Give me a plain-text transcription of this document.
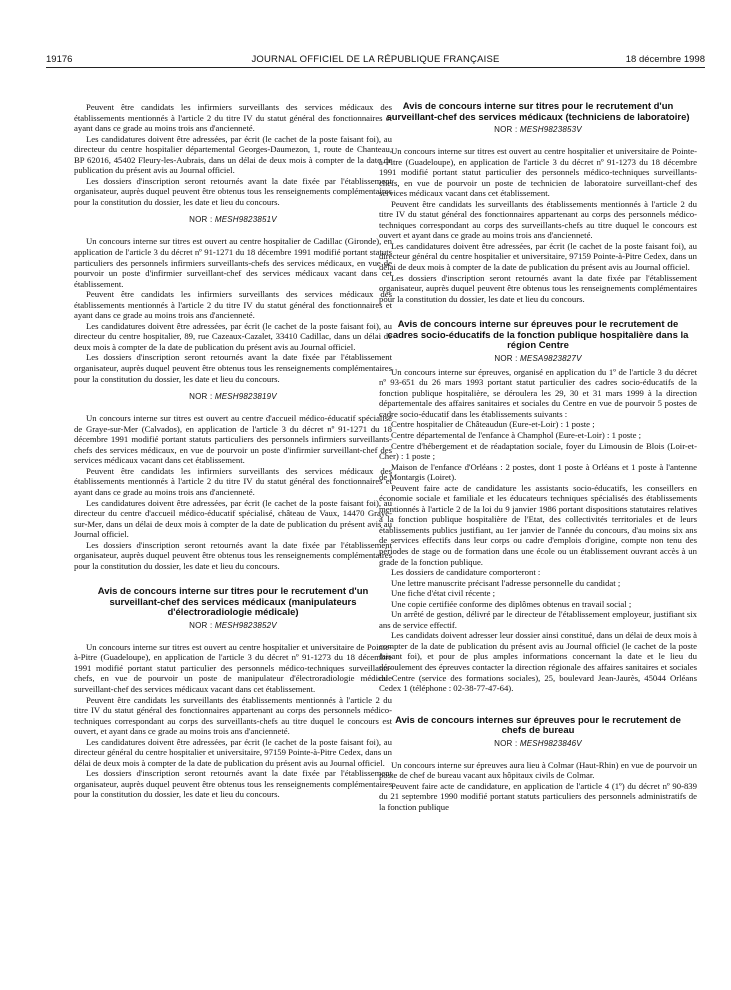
19176	JOURNAL OFFICIEL DE LA RÉPUBLIQUE FRANÇAISE	18 décembre 1998

Peuvent être candidats les infirmiers surveillants des services médicaux des établissements mentionnés à l'article 2 du titre IV du statut général des fonctionnaires et ayant dans ce grade au moins trois ans d'ancienneté.

Les candidatures doivent être adressées, par écrit (le cachet de la poste faisant foi), au directeur du centre hospitalier départemental Georges-Daumezon, 1, route de Chanteau, BP 62016, 45402 Fleury-les-Aubrais, dans un délai de deux mois à compter de la date de publication du présent avis au Journal officiel.

Les dossiers d'inscription seront retournés avant la date fixée par l'établissement organisateur, auprès duquel peuvent être obtenus tous les renseignements complémentaires pour la constitution du dossier, les date et lieu du concours.

NOR : MESH9823851V

Un concours interne sur titres est ouvert au centre hospitalier de Cadillac (Gironde), en application de l'article 3 du décret nº 91-1271 du 18 décembre 1991 modifié portant statuts particuliers des personnels infirmiers surveillants-chefs des services médicaux, en vue de pourvoir un poste d'infirmier surveillant-chef des services médicaux vacant dans cet établissement.

Peuvent être candidats les infirmiers surveillants des services médicaux des établissements mentionnés à l'article 2 du titre IV du statut général des fonctionnaires et ayant dans ce grade au moins trois ans d'ancienneté.

Les candidatures doivent être adressées, par écrit (le cachet de la poste faisant foi), au directeur du centre hospitalier, 89, rue Cazeaux-Cazalet, 33410 Cadillac, dans un délai de deux mois à compter de la date de publication du présent avis au Journal officiel.

Les dossiers d'inscription seront retournés avant la date fixée par l'établissement organisateur, auprès duquel peuvent être obtenus tous les renseignements complémentaires pour la constitution du dossier, les date et lieu du concours.

NOR : MESH9823819V

Un concours interne sur titres est ouvert au centre d'accueil médico-éducatif spécialisé de Graye-sur-Mer (Calvados), en application de l'article 3 du décret nº 91-1271 du 18 décembre 1991 modifié portant statuts particuliers des personnels infirmiers surveillants-chefs des services médicaux, en vue de pourvoir un poste d'infirmier surveillant-chef des services médicaux vacant dans cet établissement.

Peuvent être candidats les infirmiers surveillants des services médicaux des établissements mentionnés à l'article 2 du titre IV du statut général des fonctionnaires et ayant dans ce grade au moins trois ans d'ancienneté.

Les candidatures doivent être adressées, par écrit (le cachet de la poste faisant foi), au directeur du centre d'accueil médico-éducatif spécialisé, château de Vaux, 14470 Graye-sur-Mer, dans un délai de deux mois à compter de la date de publication du présent avis au Journal officiel.

Les dossiers d'inscription seront retournés avant la date fixée par l'établissement organisateur, auprès duquel peuvent être obtenus tous les renseignements complémentaires pour la constitution du dossier, les date et lieu du concours.

Avis de concours interne sur titres pour le recrutement d'un surveillant-chef des services médicaux (manipulateurs d'électroradiologie médicale)
NOR : MESH9823852V

Un concours interne sur titres est ouvert au centre hospitalier et universitaire de Pointe-à-Pitre (Guadeloupe), en application de l'article 3 du décret nº 91-1273 du 18 décembre 1991 modifié portant statut particulier des personnels médico-techniques surveillants-chefs, en vue de pourvoir un poste de manipulateur d'électroradiologie médicale surveillant-chef des services médicaux vacant dans cet établissement.

Peuvent être candidats les surveillants des établissements mentionnés à l'article 2 du titre IV du statut général des fonctionnaires appartenant au corps des personnels médico-techniques correspondant au corps des surveillants-chefs au titre duquel le concours est ouvert, et ayant dans ce grade au moins trois ans d'ancienneté.

Les candidatures doivent être adressées, par écrit (le cachet de la poste faisant foi), au directeur général du centre hospitalier et universitaire, 97159 Pointe-à-Pitre Cedex, dans un délai de deux mois à compter de la date de publication du présent avis au Journal officiel.

Les dossiers d'inscription seront retournés avant la date fixée par l'établissement organisateur, auprès duquel peuvent être obtenus tous les renseignements complémentaires pour la constitution du dossier, les date et lieu du concours.

Avis de concours interne sur titres pour le recrutement d'un surveillant-chef des services médicaux (techniciens de laboratoire)
NOR : MESH9823853V

Un concours interne sur titres est ouvert au centre hospitalier et universitaire de Pointe-à-Pitre (Guadeloupe), en application de l'article 3 du décret nº 91-1273 du 18 décembre 1991 modifié portant statut particulier des personnels médico-techniques surveillants-chefs, en vue de pourvoir un poste de technicien de laboratoire surveillant-chef des services médicaux vacant dans cet établissement.

Peuvent être candidats les surveillants des établissements mentionnés à l'article 2 du titre IV du statut général des fonctionnaires appartenant au corps des personnels médico-techniques correspondant au corps des surveillants-chefs au titre duquel le concours est ouvert et ayant dans ce grade au moins trois ans d'ancienneté.

Les candidatures doivent être adressées, par écrit (le cachet de la poste faisant foi), au directeur général du centre hospitalier et universitaire, 97159 Pointe-à-Pitre Cedex, dans un délai de deux mois à compter de la date de publication du présent avis au Journal officiel.

Les dossiers d'inscription seront retournés avant la date fixée par l'établissement organisateur, auprès duquel peuvent être obtenus tous les renseignements complémentaires pour la constitution du dossier, les date et lieu du concours.

Avis de concours interne sur épreuves pour le recrutement de cadres socio-éducatifs de la fonction publique hospitalière dans la région Centre
NOR : MESA9823827V

Un concours interne sur épreuves, organisé en application du 1º de l'article 3 du décret nº 93-651 du 26 mars 1993 portant statut particulier des cadres socio-éducatifs de la fonction publique hospitalière, se déroulera les 29, 30 et 31 mars 1999 à la direction départementale des affaires sanitaires et sociales du Centre en vue de pourvoir 5 postes de cadre socio-éducatif dans les établissements suivants :

Centre hospitalier de Châteaudun (Eure-et-Loir) : 1 poste ;

Centre départemental de l'enfance à Champhol (Eure-et-Loir) : 1 poste ;

Centre d'hébergement et de réadaptation sociale, foyer du Limousin de Blois (Loir-et-Cher) : 1 poste ;

Maison de l'enfance d'Orléans : 2 postes, dont 1 poste à Orléans et 1 poste à l'antenne de Montargis (Loiret).

Peuvent faire acte de candidature les assistants socio-éducatifs, les conseillers en économie sociale et familiale et les éducateurs techniques spécialisés des établissements mentionnés à l'article 2 de la loi du 9 janvier 1986 portant dispositions statutaires relatives à la fonction publique hospitalière de l'Etat, des collectivités territoriales et de leurs établissements publics justifiant, au 1er janvier de l'année du concours, d'au moins six ans de services effectifs dans leur corps ou cadre d'emplois d'origine, compte non tenu des périodes de stage ou de formation dans une école ou un établissement ouvrant accès à un grade de la fonction publique.

Les dossiers de candidature comporteront :

Une lettre manuscrite précisant l'adresse personnelle du candidat ;

Une fiche d'état civil récente ;

Une copie certifiée conforme des diplômes obtenus en travail social ;

Un arrêté de gestion, délivré par le directeur de l'établissement employeur, justifiant six ans de service effectif.

Les candidats doivent adresser leur dossier ainsi constitué, dans un délai de deux mois à compter de la date de publication du présent avis au Journal officiel (le cachet de la poste faisant foi), et pour de plus amples informations concernant la date et le lieu du déroulement des épreuves contacter la direction régionale des affaires sanitaires et sociales du Centre (service des formations sociales), 25, boulevard Jean-Jaurès, 45044 Orléans Cedex 1 (téléphone : 02-38-77-47-64).

Avis de concours internes sur épreuves pour le recrutement de chefs de bureau
NOR : MESH9823846V

Un concours interne sur épreuves aura lieu à Colmar (Haut-Rhin) en vue de pourvoir un poste de chef de bureau vacant aux hôpitaux civils de Colmar.

Peuvent faire acte de candidature, en application de l'article 4 (1º) du décret nº 90-839 du 21 septembre 1990 modifié portant statuts particuliers des personnels administratifs de la fonction publique
